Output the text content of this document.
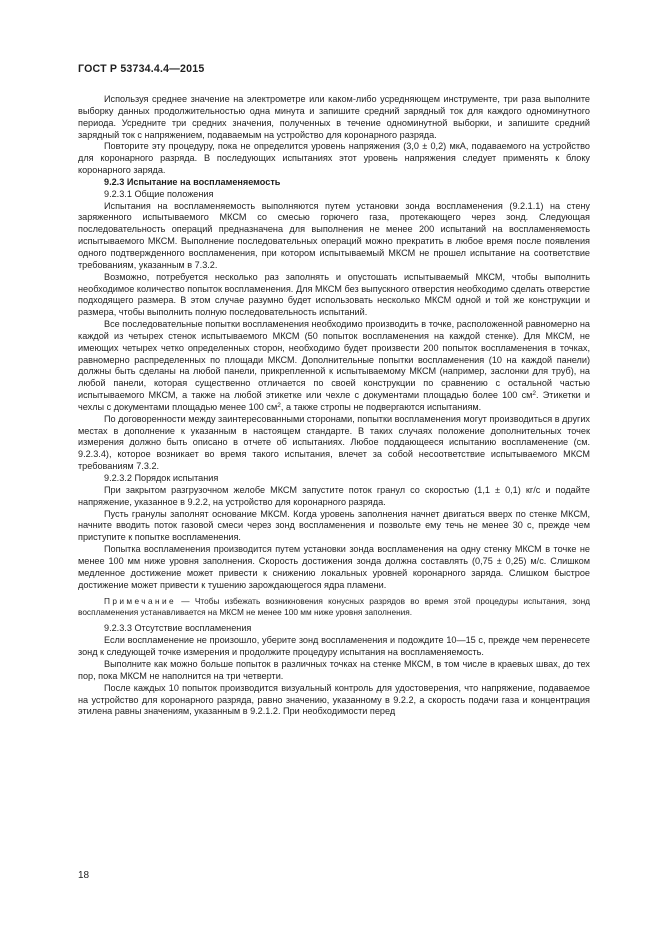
ГОСТ Р 53734.4.4—2015

Используя среднее значение на электрометре или каком-либо усредняющем инструменте, три раза выполните выборку данных продолжительностью одна минута и запишите средний зарядный ток для каждого одноминутного периода. Усредните три средних значения, полученных в течение одноминутной выборки, и запишите средний зарядный ток с напряжением, подаваемым на устройство для коронарного разряда.

Повторите эту процедуру, пока не определится уровень напряжения (3,0 ± 0,2) мкА, подаваемого на устройство для коронарного разряда. В последующих испытаниях этот уровень напряжения следует применять к блоку коронарного заряда.

9.2.3 Испытание на воспламеняемость

9.2.3.1 Общие положения

Испытания на воспламеняемость выполняются путем установки зонда воспламенения (9.2.1.1) на стену заряженного испытываемого МКСМ со смесью горючего газа, протекающего через зонд. Следующая последовательность операций предназначена для выполнения не менее 200 испытаний на воспламеняемость испытываемого МКСМ. Выполнение последовательных операций можно прекратить в любое время после появления одного подтвержденного воспламенения, при котором испытываемый МКСМ не прошел испытание на соответствие требованиям, указанным в 7.3.2.

Возможно, потребуется несколько раз заполнять и опустошать испытываемый МКСМ, чтобы выполнить необходимое количество попыток воспламенения. Для МКСМ без выпускного отверстия необходимо сделать отверстие подходящего размера. В этом случае разумно будет использовать несколько МКСМ одной и той же конструкции и размера, чтобы выполнить полную последовательность испытаний.

Все последовательные попытки воспламенения необходимо производить в точке, расположенной равномерно на каждой из четырех стенок испытываемого МКСМ (50 попыток воспламенения на каждой стенке). Для МКСМ, не имеющих четырех четко определенных сторон, необходимо будет произвести 200 попыток воспламенения в точках, равномерно распределенных по площади МКСМ. Дополнительные попытки воспламенения (10 на каждой панели) должны быть сделаны на любой панели, прикрепленной к испытываемому МКСМ (например, заслонки для труб), на любой панели, которая существенно отличается по своей конструкции по сравнению с остальной частью испытываемого МКСМ, а также на любой этикетке или чехле с документами площадью более 100 $см^2$. Этикетки и чехлы с документами площадью менее 100 $см^2$, а также стропы не подвергаются испытаниям.

По договоренности между заинтересованными сторонами, попытки воспламенения могут производиться в других местах в дополнение к указанным в настоящем стандарте. В таких случаях положение дополнительных точек измерения должно быть описано в отчете об испытаниях. Любое поддающееся испытанию воспламенение (см. 9.2.3.4), которое возникает во время такого испытания, влечет за собой несоответствие испытываемого МКСМ требованиям 7.3.2.

9.2.3.2 Порядок испытания

При закрытом разгрузочном желобе МКСМ запустите поток гранул со скоростью (1,1 ± 0,1) кг/с и подайте напряжение, указанное в 9.2.2, на устройство для коронарного разряда.

Пусть гранулы заполнят основание МКСМ. Когда уровень заполнения начнет двигаться вверх по стенке МКСМ, начните вводить поток газовой смеси через зонд воспламенения и позвольте ему течь не менее 30 с, прежде чем приступите к попытке воспламенения.

Попытка воспламенения производится путем установки зонда воспламенения на одну стенку МКСМ в точке не менее 100 мм ниже уровня заполнения. Скорость достижения зонда должна составлять (0,75 ± 0,25) м/с. Слишком медленное достижение может привести к снижению локальных уровней коронарного заряда. Слишком быстрое достижение может привести к тушению зарождающегося ядра пламени.

Примечание — Чтобы избежать возникновения конусных разрядов во время этой процедуры испытания, зонд воспламенения устанавливается на МКСМ не менее 100 мм ниже уровня заполнения.

9.2.3.3 Отсутствие воспламенения

Если воспламенение не произошло, уберите зонд воспламенения и подождите 10—15 с, прежде чем перенесете зонд к следующей точке измерения и продолжите процедуру испытания на воспламеняемость.

Выполните как можно больше попыток в различных точках на стенке МКСМ, в том числе в краевых швах, до тех пор, пока МКСМ не наполнится на три четверти.

После каждых 10 попыток производится визуальный контроль для удостоверения, что напряжение, подаваемое на устройство для коронарного разряда, равно значению, указанному в 9.2.2, а скорость подачи газа и концентрация этилена равны значениям, указанным в 9.2.1.2. При необходимости перед

18
